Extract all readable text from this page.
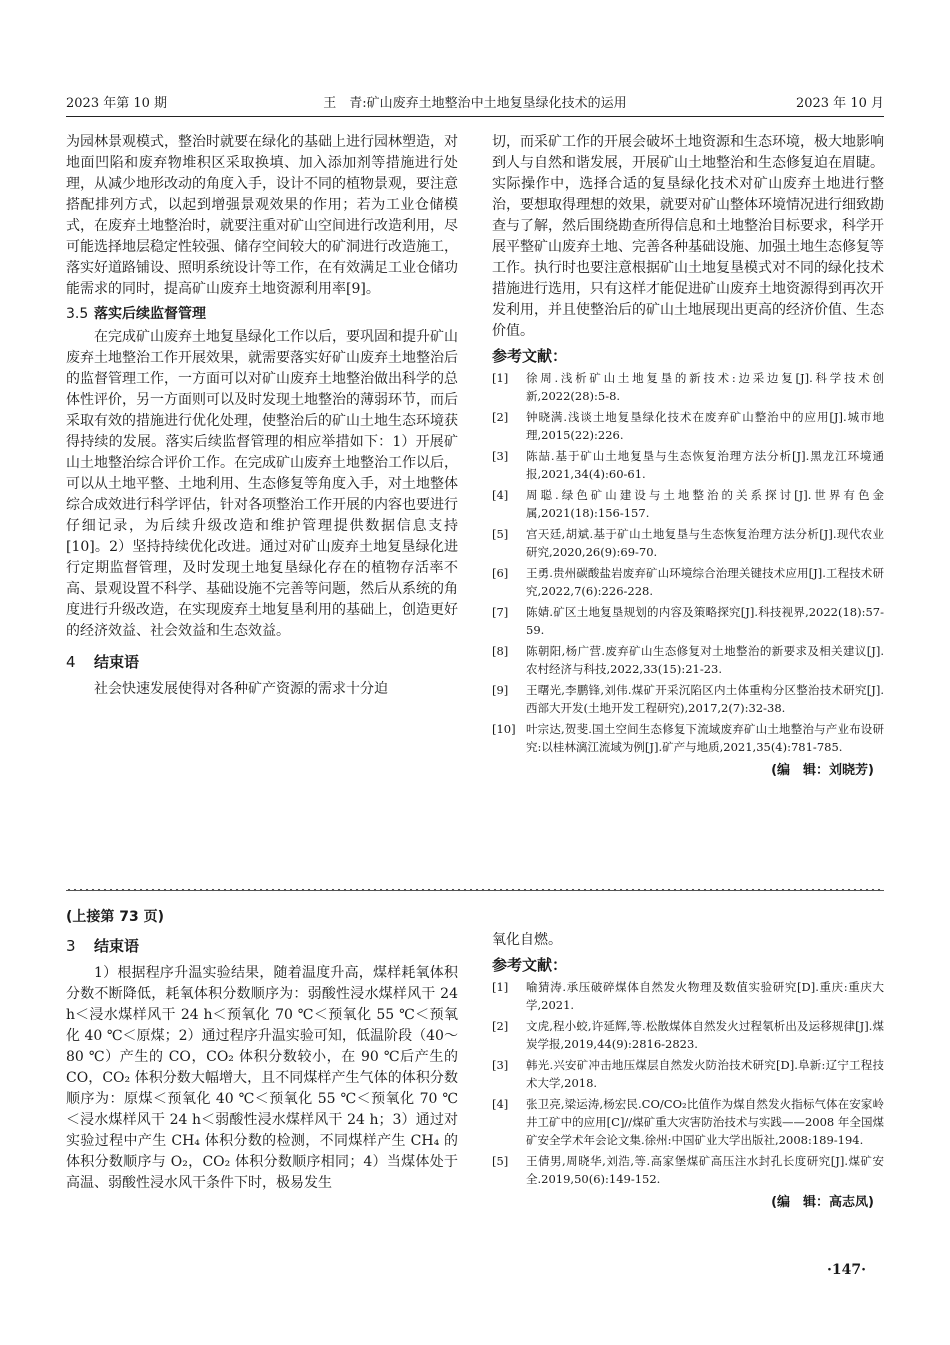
2023 年第 10 期	王　青:矿山废弃土地整治中土地复垦绿化技术的运用	2023 年 10 月

为园林景观模式，整治时就要在绿化的基础上进行园林塑造，对地面凹陷和废弃物堆积区采取换填、加入添加剂等措施进行处理，从减少地形改动的角度入手，设计不同的植物景观，要注意搭配排列方式，以起到增强景观效果的作用；若为工业仓储模式，在废弃土地整治时，就要注重对矿山空间进行改造利用，尽可能选择地层稳定性较强、储存空间较大的矿洞进行改造施工，落实好道路铺设、照明系统设计等工作，在有效满足工业仓储功能需求的同时，提高矿山废弃土地资源利用率[9]。

3.5 落实后续监督管理

在完成矿山废弃土地复垦绿化工作以后，要巩固和提升矿山废弃土地整治工作开展效果，就需要落实好矿山废弃土地整治后的监督管理工作，一方面可以对矿山废弃土地整治做出科学的总体性评价，另一方面则可以及时发现土地整治的薄弱环节，而后采取有效的措施进行优化处理，使整治后的矿山土地生态环境获得持续的发展。落实后续监督管理的相应举措如下：1）开展矿山土地整治综合评价工作。在完成矿山废弃土地整治工作以后，可以从土地平整、土地利用、生态修复等角度入手，对土地整体综合成效进行科学评估，针对各项整治工作开展的内容也要进行仔细记录，为后续升级改造和维护管理提供数据信息支持[10]。2）坚持持续优化改进。通过对矿山废弃土地复垦绿化进行定期监督管理，及时发现土地复垦绿化存在的植物存活率不高、景观设置不科学、基础设施不完善等问题，然后从系统的角度进行升级改造，在实现废弃土地复垦利用的基础上，创造更好的经济效益、社会效益和生态效益。

4 结束语

社会快速发展使得对各种矿产资源的需求十分迫

切，而采矿工作的开展会破坏土地资源和生态环境，极大地影响到人与自然和谐发展，开展矿山土地整治和生态修复迫在眉睫。实际操作中，选择合适的复垦绿化技术对矿山废弃土地进行整治，要想取得理想的效果，就要对矿山整体环境情况进行细致勘查与了解，然后围绕勘查所得信息和土地整治目标要求，科学开展平整矿山废弃土地、完善各种基础设施、加强土地生态修复等工作。执行时也要注意根据矿山土地复垦模式对不同的绿化技术措施进行选用，只有这样才能促进矿山废弃土地资源得到再次开发利用，并且使整治后的矿山土地展现出更高的经济价值、生态价值。

参考文献：
[1]	徐周.浅析矿山土地复垦的新技术:边采边复[J].科学技术创新,2022(28):5-8.
[2]	钟晓满.浅谈土地复垦绿化技术在废弃矿山整治中的应用[J].城市地理,2015(22):226.
[3]	陈喆.基于矿山土地复垦与生态恢复治理方法分析[J].黑龙江环境通报,2021,34(4):60-61.
[4]	周聪.绿色矿山建设与土地整治的关系探讨[J].世界有色金属,2021(18):156-157.
[5]	宫天廷,胡斌.基于矿山土地复垦与生态恢复治理方法分析[J].现代农业研究,2020,26(9):69-70.
[6]	王勇.贵州碳酸盐岩废弃矿山环境综合治理关键技术应用[J].工程技术研究,2022,7(6):226-228.
[7]	陈婧.矿区土地复垦规划的内容及策略探究[J].科技视界,2022(18):57-59.
[8]	陈朝阳,杨广营.废弃矿山生态修复对土地整治的新要求及相关建议[J].农村经济与科技,2022,33(15):21-23.
[9]	王曙光,李鹏锋,刘伟.煤矿开采沉陷区内土体重构分区整治技术研究[J].西部大开发(土地开发工程研究),2017,2(7):32-38.
[10] 叶宗达,贺斐.国土空间生态修复下流域废弃矿山土地整治与产业布设研究:以桂林漓江流域为例[J].矿产与地质,2021,35(4):781-785.
(编　辑：刘晓芳)
(上接第 73 页)
3 结束语

1）根据程序升温实验结果，随着温度升高，煤样耗氧体积分数不断降低，耗氧体积分数顺序为：弱酸性浸水煤样风干 24 h＜浸水煤样风干 24 h＜预氧化 70 ℃＜预氧化 55 ℃＜预氧化 40 ℃＜原煤；2）通过程序升温实验可知，低温阶段（40～80 ℃）产生的 CO，CO₂ 体积分数较小，在 90 ℃后产生的 CO，CO₂ 体积分数大幅增大，且不同煤样产生气体的体积分数顺序为：原煤＜预氧化 40 ℃＜预氧化 55 ℃＜预氧化 70 ℃＜浸水煤样风干 24 h＜弱酸性浸水煤样风干 24 h；3）通过对实验过程中产生 CH₄ 体积分数的检测，不同煤样产生 CH₄ 的体积分数顺序与 O₂，CO₂ 体积分数顺序相同；4）当煤体处于高温、弱酸性浸水风干条件下时，极易发生

氧化自燃。

参考文献：
[1]	喻猜涛.承压破碎煤体自然发火物理及数值实验研究[D].重庆:重庆大学,2021.
[2]	文虎,程小蛟,许延辉,等.松散煤体自然发火过程氡析出及运移规律[J].煤炭学报,2019,44(9):2816-2823.
[3]	韩光.兴安矿冲击地压煤层自然发火防治技术研究[D].阜新:辽宁工程技术大学,2018.
[4]	张卫亮,梁运涛,杨宏民.CO/CO₂比值作为煤自然发火指标气体在安家岭井工矿中的应用[C]//煤矿重大灾害防治技术与实践——2008 年全国煤矿安全学术年会论文集.徐州:中国矿业大学出版社,2008:189-194.
[5]	王倩男,周晓华,刘浩,等.高家堡煤矿高压注水封孔长度研究[J].煤矿安全.2019,50(6):149-152.
(编　辑：高志凤)
·147·
